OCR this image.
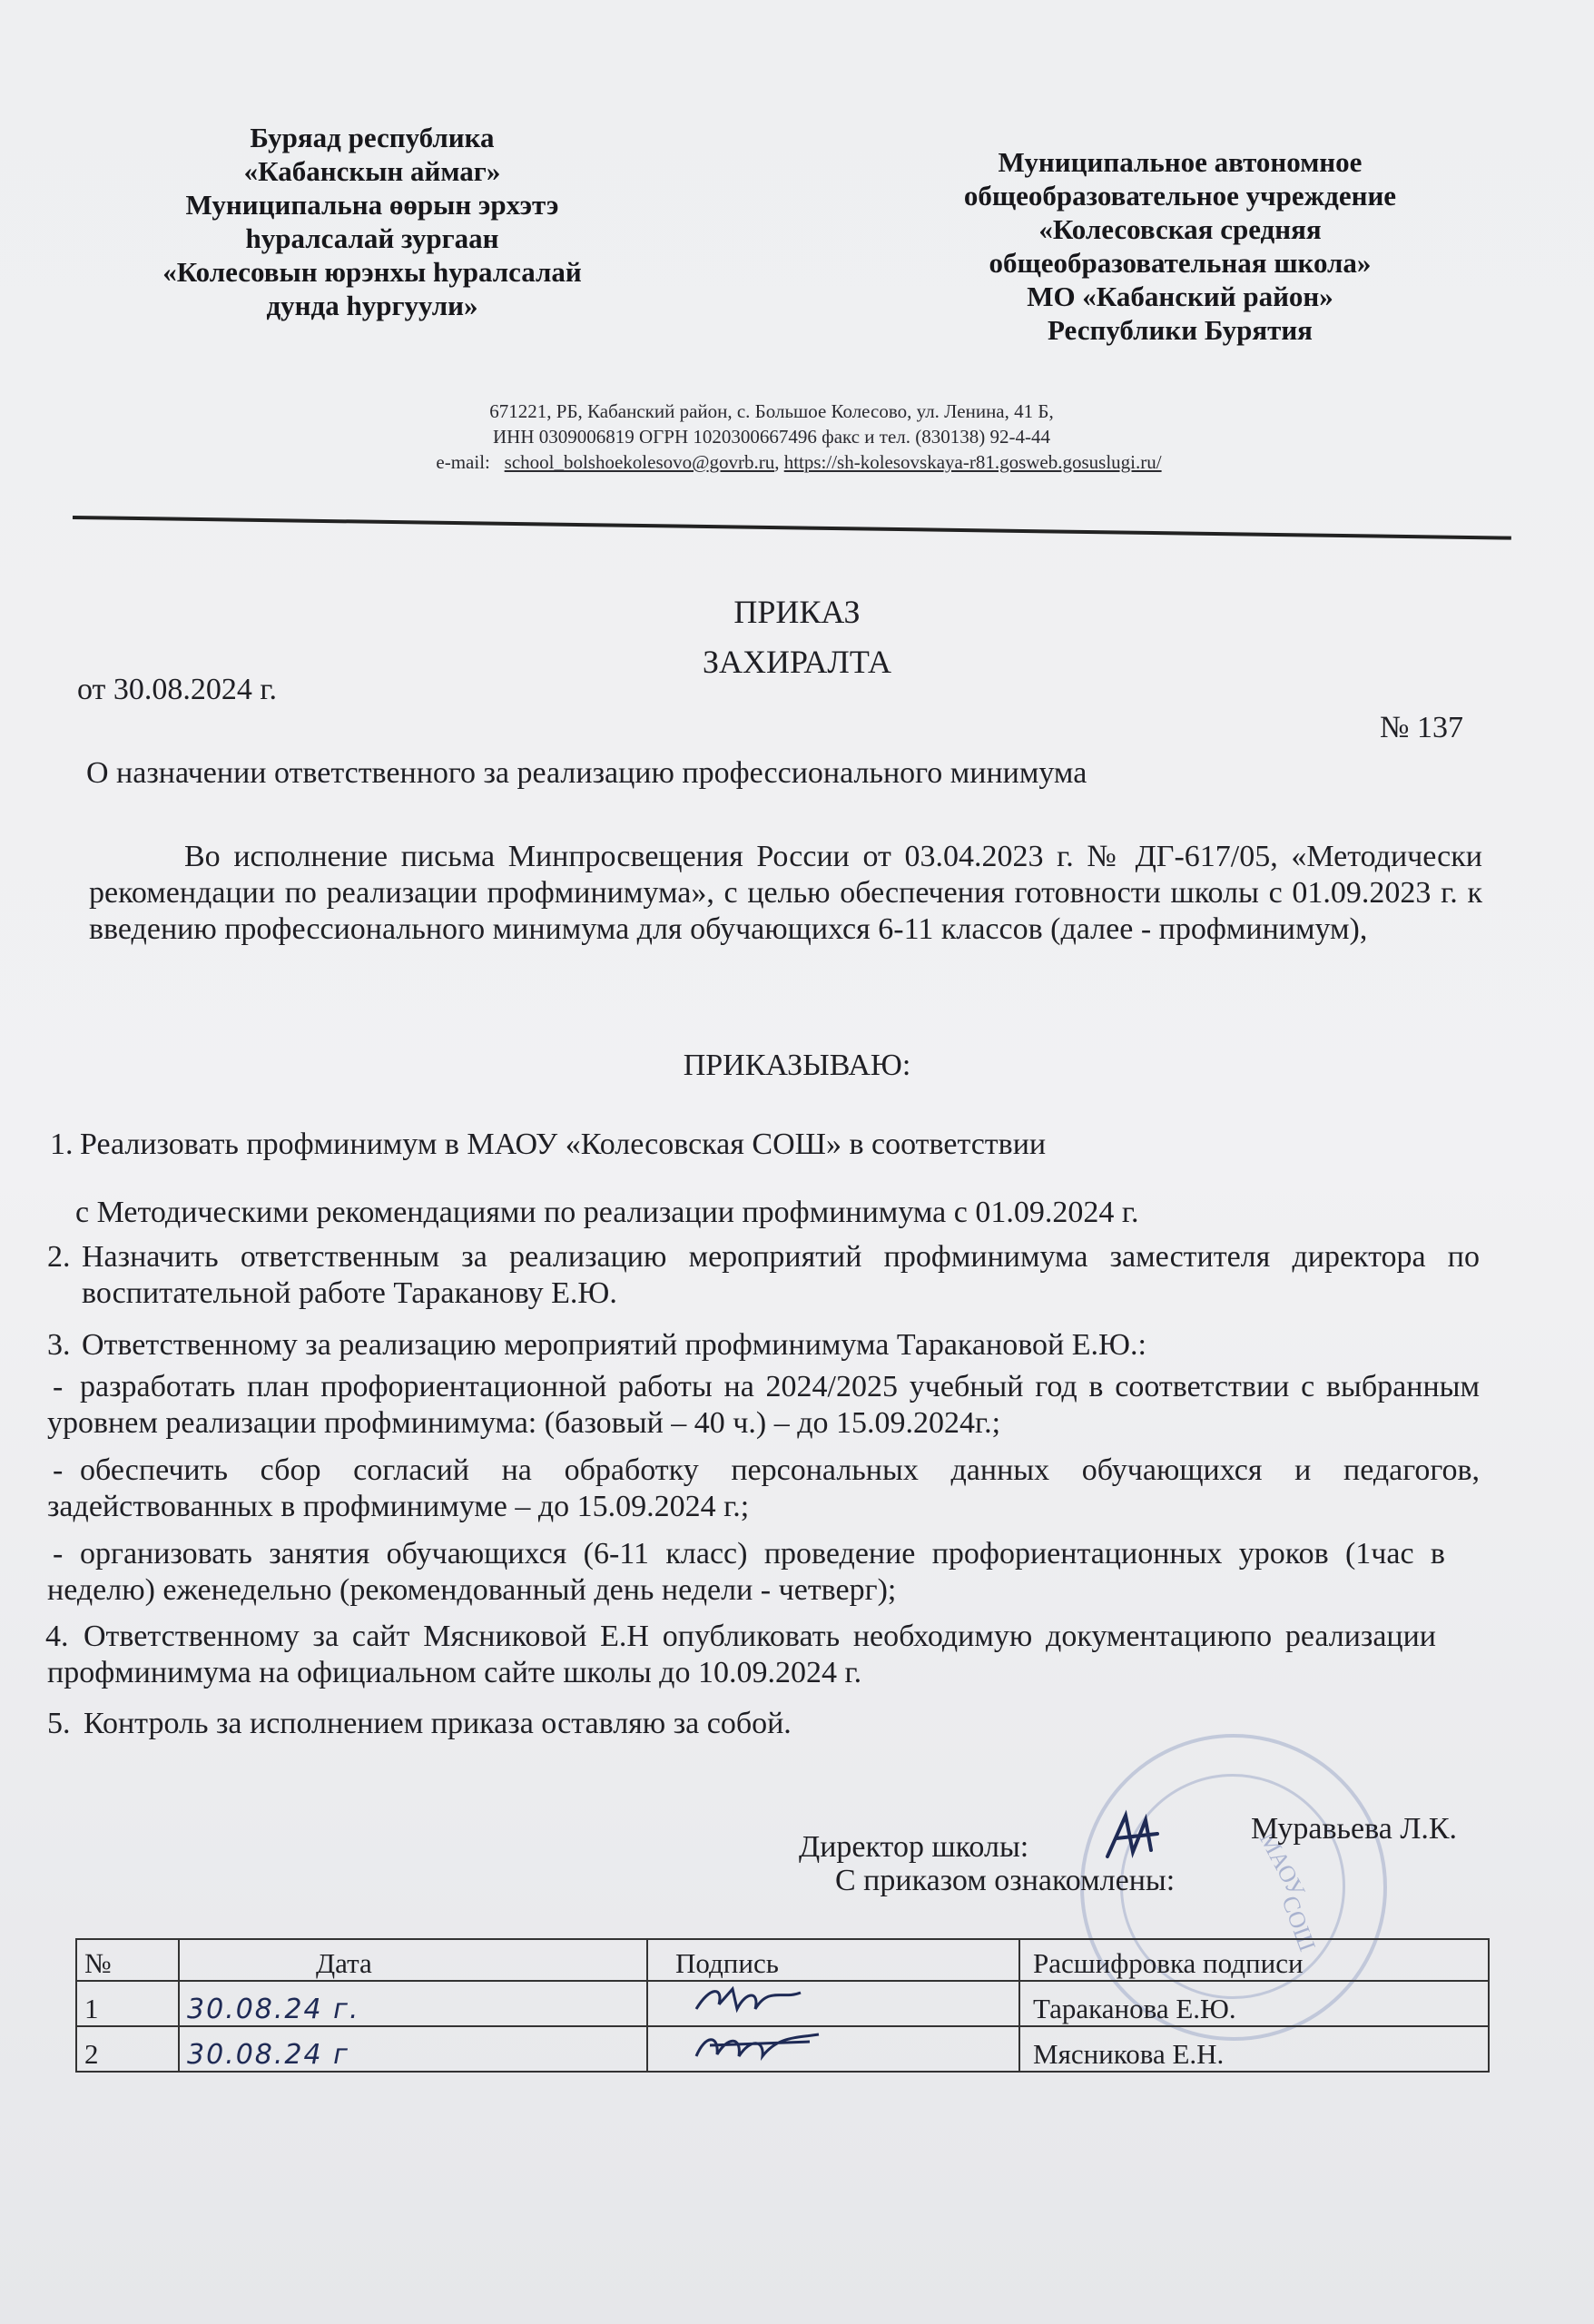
Буряад республика
«Кабанскын аймаг»
Муниципальна өөрын эрхэтэ
һуралсалай зургаан
«Колесовын юрэнхы һуралсалай
дунда һургуули»
Муниципальное автономное
общеобразовательное учреждение
«Колесовская средняя
общеобразовательная школа»
МО «Кабанский район»
Республики Бурятия
671221, РБ, Кабанский район, с. Большое Колесово, ул. Ленина, 41 Б,
ИНН 0309006819 ОГРН 1020300667496 факс и тел. (830138) 92-4-44
e-mail: school_bolshoekolesovo@govrb.ru, https://sh-kolesovskaya-r81.gosweb.gosuslugi.ru/
ПРИКАЗ
ЗАХИРАЛТА
от 30.08.2024 г.
№ 137
О назначении ответственного за реализацию профессионального минимума
Во исполнение письма Минпросвещения России от 03.04.2023 г. № ДГ-617/05, «Методически рекомендации по реализации профминимума», с целью обеспечения готовности школы с 01.09.2023 г. к введению профессионального минимума для обучающихся 6-11 классов (далее - профминимум),
ПРИКАЗЫВАЮ:
1. Реализовать профминимум в МАОУ «Колесовская СОШ» в соответствии
с Методическими рекомендациями по реализации профминимума с 01.09.2024 г.
2. Назначить ответственным за реализацию мероприятий профминимума заместителя директора по воспитательной работе Тараканову Е.Ю.
3. Ответственному за реализацию мероприятий профминимума Таракановой Е.Ю.:
- разработать план профориентационной работы на 2024/2025 учебный год в соответствии с выбранным уровнем реализации профминимума: (базовый – 40 ч.) – до 15.09.2024г.;
- обеспечить сбор согласий на обработку персональных данных обучающихся и педагогов, задействованных в профминимуме – до 15.09.2024 г.;
- организовать занятия обучающихся (6-11 класс) проведение профориентационных уроков (1час в неделю) еженедельно (рекомендованный день недели - четверг);
4. Ответственному за сайт Мясниковой Е.Н опубликовать необходимую документациюпо реализации профминимума на официальном сайте школы до 10.09.2024 г.
5. Контроль за исполнением приказа оставляю за собой.
МАОУ
СОШ
Директор школы:
Муравьева Л.К.
С приказом ознакомлены:
№	Дата	Подпись	Расшифровка подписи
1	30.08.24 г.		Тараканова Е.Ю.
2	30.08.24 г		Мясникова Е.Н.
